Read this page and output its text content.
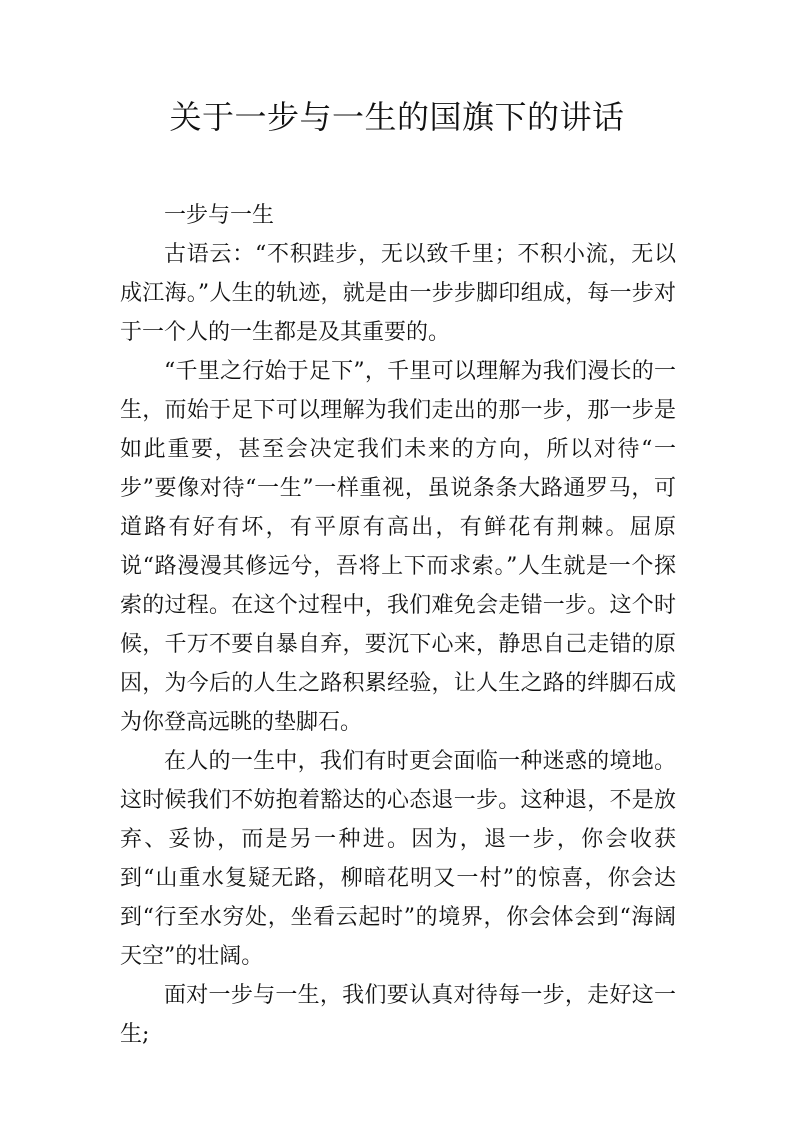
关于一步与一生的国旗下的讲话

一步与一生

古语云：“不积跬步，无以致千里；不积小流，无以成江海。”人生的轨迹，就是由一步步脚印组成，每一步对于一个人的一生都是及其重要的。

“千里之行始于足下”，千里可以理解为我们漫长的一生，而始于足下可以理解为我们走出的那一步，那一步是如此重要，甚至会决定我们未来的方向，所以对待“一步”要像对待“一生”一样重视，虽说条条大路通罗马，可道路有好有坏，有平原有高出，有鲜花有荆棘。屈原说“路漫漫其修远兮，吾将上下而求索。”人生就是一个探索的过程。在这个过程中，我们难免会走错一步。这个时候，千万不要自暴自弃，要沉下心来，静思自己走错的原因，为今后的人生之路积累经验，让人生之路的绊脚石成为你登高远眺的垫脚石。

在人的一生中，我们有时更会面临一种迷惑的境地。这时候我们不妨抱着豁达的心态退一步。这种退，不是放弃、妥协，而是另一种进。因为，退一步，你会收获到“山重水复疑无路，柳暗花明又一村”的惊喜，你会达到“行至水穷处，坐看云起时”的境界，你会体会到“海阔天空”的壮阔。

面对一步与一生，我们要认真对待每一步，走好这一生;
